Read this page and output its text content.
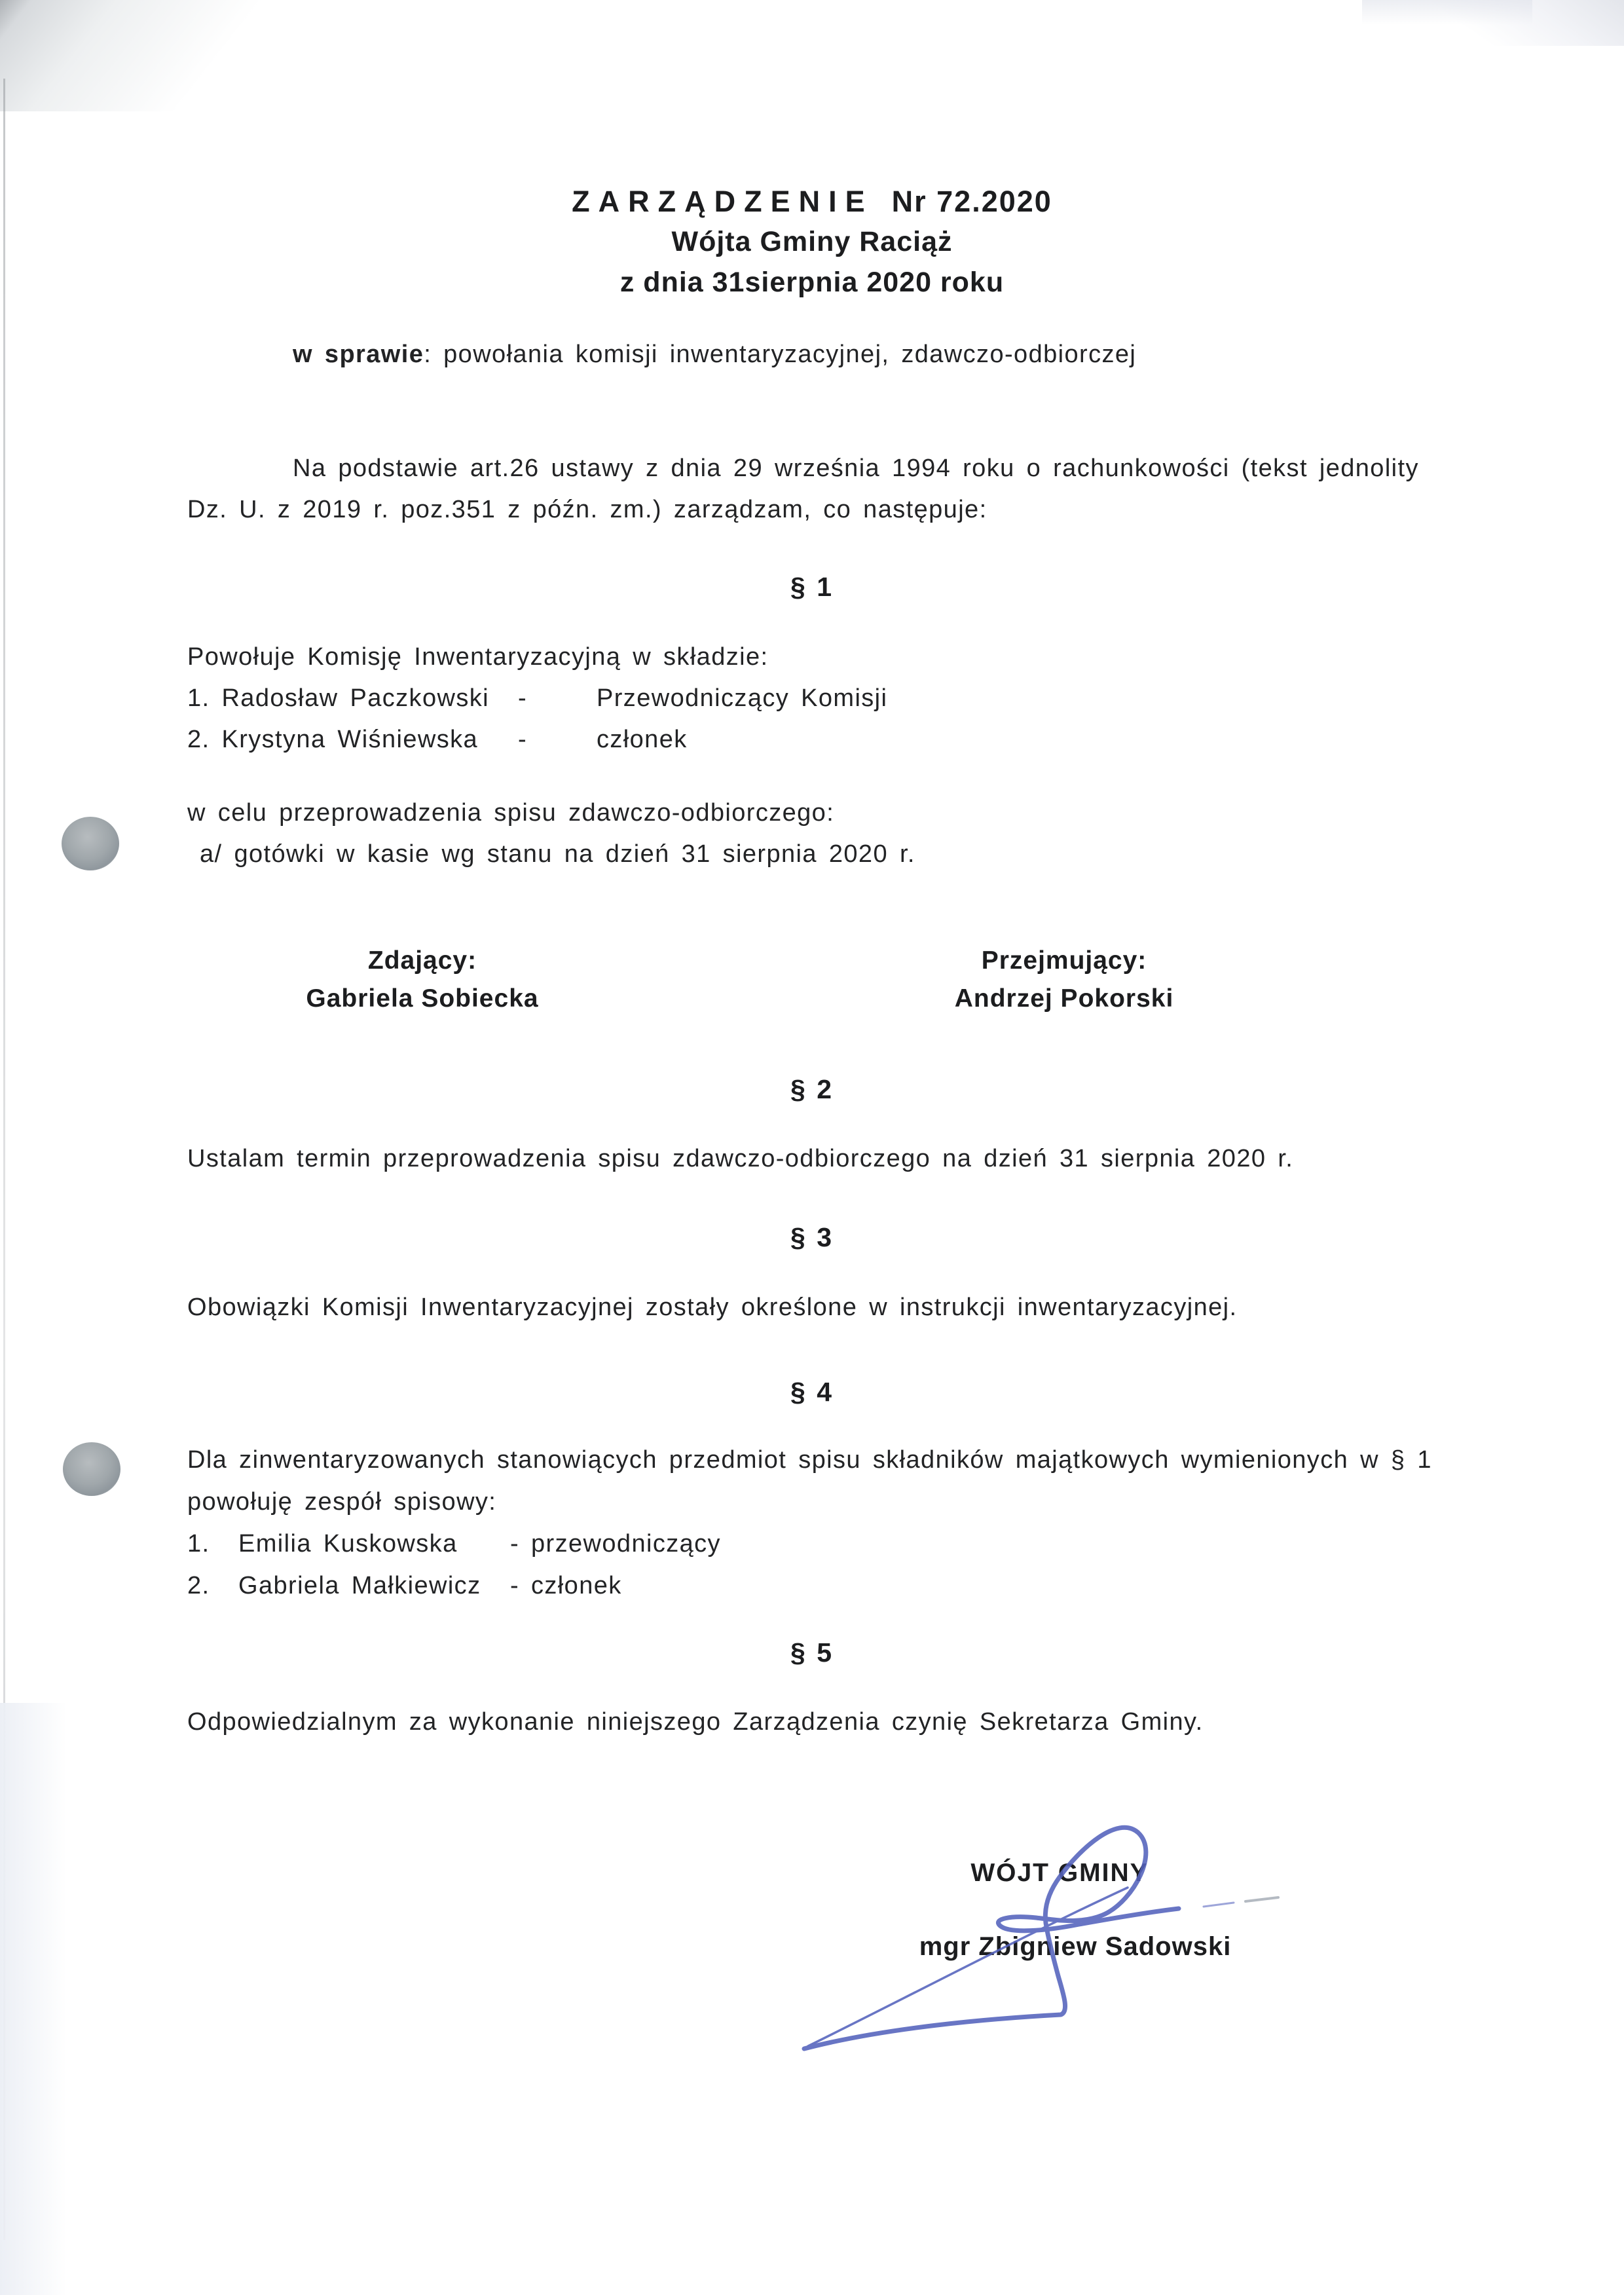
ZARZĄDZENIE Nr 72.2020
Wójta Gminy Raciąż
z dnia 31sierpnia 2020 roku
w sprawie: powołania komisji inwentaryzacyjnej, zdawczo-odbiorczej
Na podstawie art.26 ustawy z dnia 29 września 1994 roku o rachunkowości (tekst jednolity
Dz. U. z 2019 r. poz.351 z późn. zm.) zarządzam, co następuje:
§ 1
Powołuje Komisję Inwentaryzacyjną w składzie:
1. Radosław Paczkowski	-	Przewodniczący Komisji
2. Krystyna Wiśniewska	-	członek
w celu przeprowadzenia spisu zdawczo-odbiorczego:
a/ gotówki w kasie wg stanu na dzień 31 sierpnia 2020 r.
Zdający:
Gabriela Sobiecka
Przejmujący:
Andrzej Pokorski
§ 2
Ustalam termin przeprowadzenia spisu zdawczo-odbiorczego na dzień 31 sierpnia 2020 r.
§ 3
Obowiązki Komisji Inwentaryzacyjnej zostały określone w instrukcji inwentaryzacyjnej.
§ 4
Dla zinwentaryzowanych stanowiących przedmiot spisu składników majątkowych wymienionych w § 1
powołuję zespół spisowy:
1.	Emilia Kuskowska	- przewodniczący
2.	Gabriela Małkiewicz	- członek
§ 5
Odpowiedzialnym za wykonanie niniejszego Zarządzenia czynię Sekretarza Gminy.
WÓJT GMINY
mgr Zbigniew Sadowski
